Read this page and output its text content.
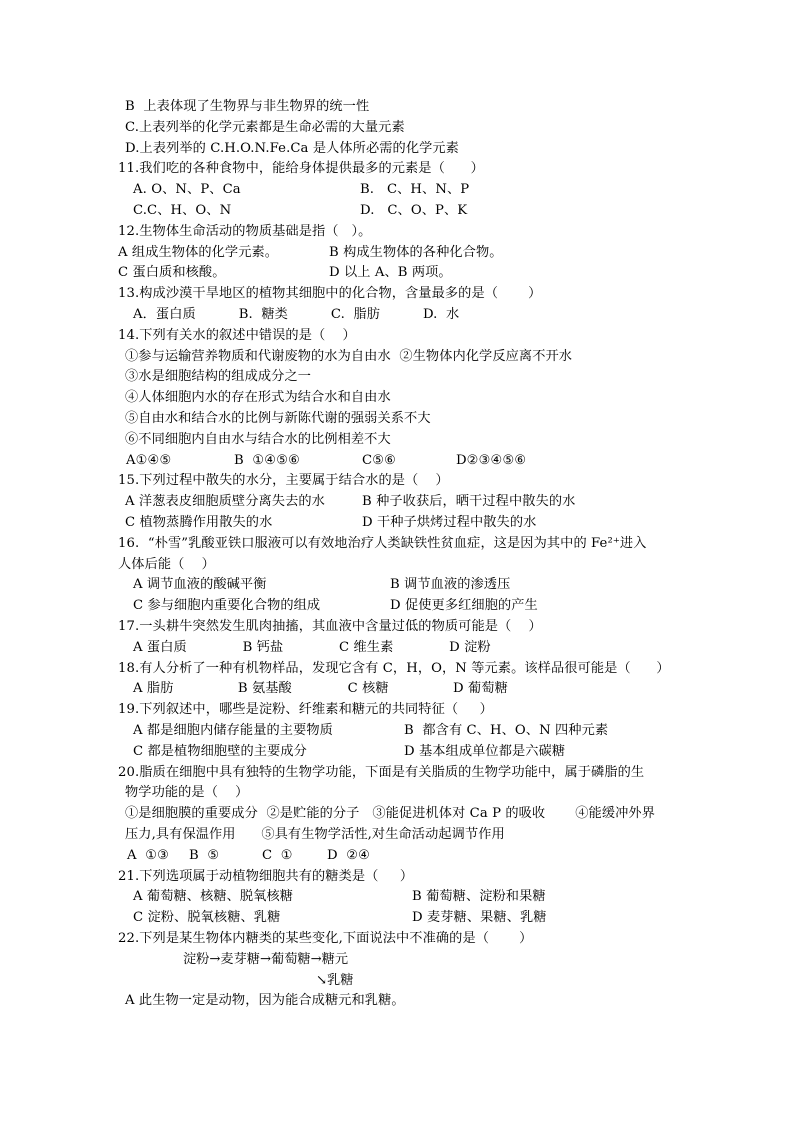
B  上表体现了生物界与非生物界的统一性
C.上表列举的化学元素都是生命必需的大量元素
D.上表列举的 C.H.O.N.Fe.Ca 是人体所必需的化学元素
11.我们吃的各种食物中，能给身体提供最多的元素是（      ）
A. O、N、P、Ca	B.   C、H、N、P
C.C、H、O、N	D.   C、O、P、K
12.生物体生命活动的物质基础是指（   ）。
A 组成生物体的化学元素。	B 构成生物体的各种化合物。
C 蛋白质和核酸。	D 以上 A、B 两项。
13.构成沙漠干旱地区的植物其细胞中的化合物，含量最多的是（       ）
A．蛋白质          B.  糖类          C.  脂肪          D.  水
14.下列有关水的叙述中错误的是（    ）
①参与运输营养物质和代谢废物的水为自由水  ②生物体内化学反应离不开水
③水是细胞结构的组成成分之一
④人体细胞内水的存在形式为结合水和自由水
⑤自由水和结合水的比例与新陈代谢的强弱关系不大
⑥不同细胞内自由水与结合水的比例相差不大
A①④⑤	B  ①④⑤⑥	C⑤⑥	D②③④⑤⑥
15.下列过程中散失的水分，主要属于结合水的是（    ）
A 洋葱表皮细胞质壁分离失去的水	B 种子收获后，晒干过程中散失的水
C 植物蒸腾作用散失的水	D 干种子烘烤过程中散失的水
16.  “朴雪”乳酸亚铁口服液可以有效地治疗人类缺铁性贫血症，这是因为其中的 Fe²⁺进入
人体后能（    ）
A 调节血液的酸碱平衡	B 调节血液的渗透压
C 参与细胞内重要化合物的组成	D 促使更多红细胞的产生
17.一头耕牛突然发生肌肉抽搐，其血液中含量过低的物质可能是（    ）
A 蛋白质             B 钙盐             C 维生素             D 淀粉
18.有人分析了一种有机物样品，发现它含有 C，H，O，N 等元素。该样品很可能是（      ）
A 脂肪               B 氨基酸             C 核糖               D 葡萄糖
19.下列叙述中，哪些是淀粉、纤维素和糖元的共同特征（     ）
A 都是细胞内储存能量的主要物质	B  都含有 C、H、O、N 四种元素
C 都是植物细胞壁的主要成分	D 基本组成单位都是六碳糖
20.脂质在细胞中具有独特的生物学功能，下面是有关脂质的生物学功能中，属于磷脂的生
物学功能的是（    ）
①是细胞膜的重要成分  ②是贮能的分子   ③能促进机体对 Ca P 的吸收       ④能缓冲外界
压力,具有保温作用      ⑤具有生物学活性,对生命活动起调节作用
A  ①③ B  ⑤	C  ①	D  ②④
21.下列选项属于动植物细胞共有的糖类是（     ）
A 葡萄糖、核糖、脱氧核糖	B 葡萄糖、淀粉和果糖
C 淀粉、脱氧核糖、乳糖	D 麦芽糖、果糖、乳糖
22.下列是某生物体内糖类的某些变化,下面说法中不准确的是（       ）
淀粉→麦芽糖→葡萄糖→糖元
↘乳糖
A 此生物一定是动物，因为能合成糖元和乳糖。
